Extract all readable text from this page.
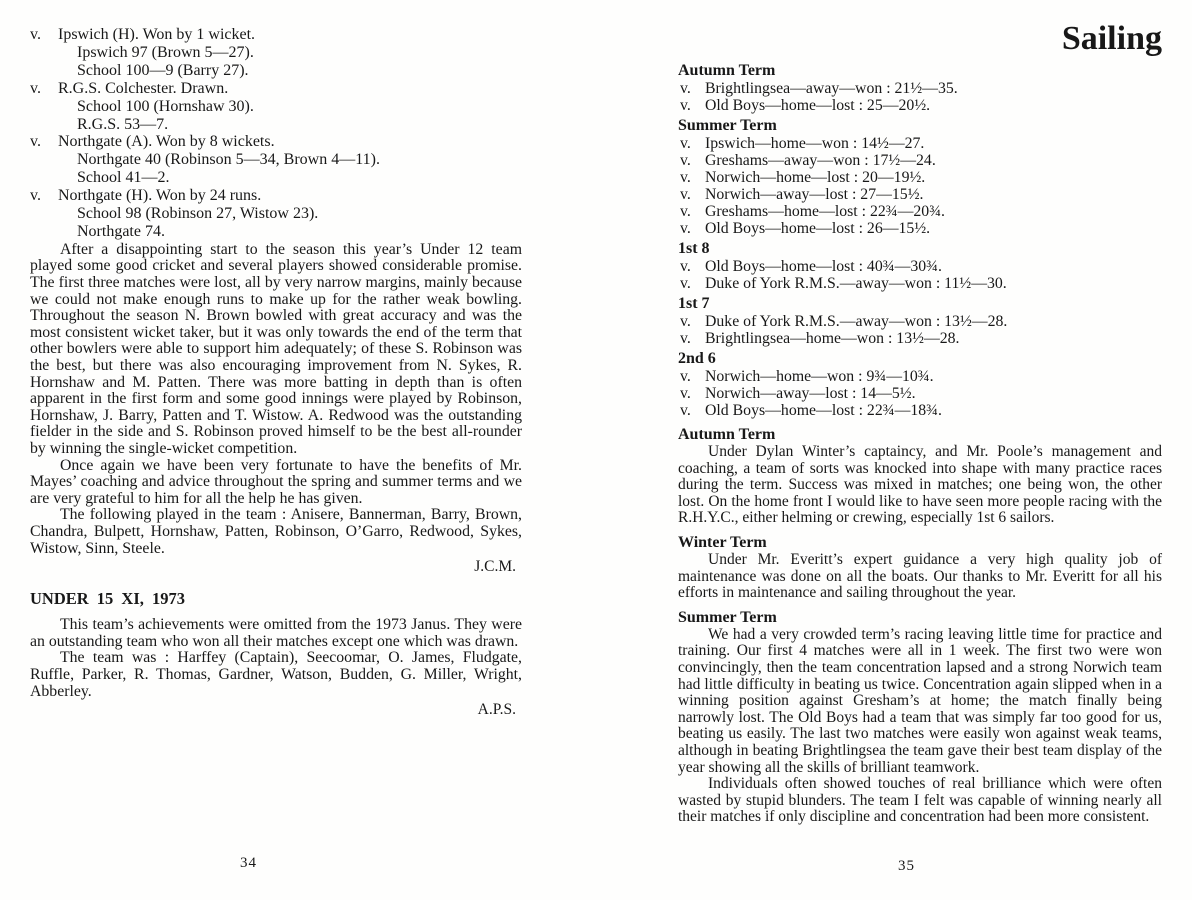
v. Ipswich (H). Won by 1 wicket.
Ipswich 97 (Brown 5—27).
School 100—9 (Barry 27).
v. R.G.S. Colchester. Drawn.
School 100 (Hornshaw 30).
R.G.S. 53—7.
v. Northgate (A). Won by 8 wickets.
Northgate 40 (Robinson 5—34, Brown 4—11).
School 41—2.
v. Northgate (H). Won by 24 runs.
School 98 (Robinson 27, Wistow 23).
Northgate 74.

After a disappointing start to the season this year’s Under 12 team played some good cricket and several players showed considerable promise. The first three matches were lost, all by very narrow margins, mainly because we could not make enough runs to make up for the rather weak bowling. Throughout the season N. Brown bowled with great accuracy and was the most consistent wicket taker, but it was only towards the end of the term that other bowlers were able to support him adequately; of these S. Robinson was the best, but there was also encouraging improvement from N. Sykes, R. Hornshaw and M. Patten. There was more batting in depth than is often apparent in the first form and some good innings were played by Robinson, Hornshaw, J. Barry, Patten and T. Wistow. A. Redwood was the outstanding fielder in the side and S. Robinson proved himself to be the best all-rounder by winning the single-wicket competition.

Once again we have been very fortunate to have the benefits of Mr. Mayes’ coaching and advice throughout the spring and summer terms and we are very grateful to him for all the help he has given.

The following played in the team : Anisere, Bannerman, Barry, Brown, Chandra, Bulpett, Hornshaw, Patten, Robinson, O’Garro, Redwood, Sykes, Wistow, Sinn, Steele.

J.C.M.
UNDER 15 XI, 1973

This team’s achievements were omitted from the 1973 Janus. They were an outstanding team who won all their matches except one which was drawn.

The team was : Harffey (Captain), Seecoomar, O. James, Fludgate, Ruffle, Parker, R. Thomas, Gardner, Watson, Budden, G. Miller, Wright, Abberley.

A.P.S.
Sailing
Autumn Term
v. Brightlingsea—away—won : 21½—35.
v. Old Boys—home—lost : 25—20½.
Summer Term
v. Ipswich—home—won : 14½—27.
v. Greshams—away—won : 17½—24.
v. Norwich—home—lost : 20—19½.
v. Norwich—away—lost : 27—15½.
v. Greshams—home—lost : 22¾—20¾.
v. Old Boys—home—lost : 26—15½.
1st 8
v. Old Boys—home—lost : 40¾—30¾.
v. Duke of York R.M.S.—away—won : 11½—30.
1st 7
v. Duke of York R.M.S.—away—won : 13½—28.
v. Brightlingsea—home—won : 13½—28.
2nd 6
v. Norwich—home—won : 9¾—10¾.
v. Norwich—away—lost : 14—5½.
v. Old Boys—home—lost : 22¾—18¾.
Autumn Term

Under Dylan Winter’s captaincy, and Mr. Poole’s management and coaching, a team of sorts was knocked into shape with many practice races during the term. Success was mixed in matches; one being won, the other lost. On the home front I would like to have seen more people racing with the R.H.Y.C., either helming or crewing, especially 1st 6 sailors.

Winter Term

Under Mr. Everitt’s expert guidance a very high quality job of maintenance was done on all the boats. Our thanks to Mr. Everitt for all his efforts in maintenance and sailing throughout the year.

Summer Term

We had a very crowded term’s racing leaving little time for practice and training. Our first 4 matches were all in 1 week. The first two were won convincingly, then the team concentration lapsed and a strong Norwich team had little difficulty in beating us twice. Concentration again slipped when in a winning position against Gresham’s at home; the match finally being narrowly lost. The Old Boys had a team that was simply far too good for us, beating us easily. The last two matches were easily won against weak teams, although in beating Brightlingsea the team gave their best team display of the year showing all the skills of brilliant teamwork.

Individuals often showed touches of real brilliance which were often wasted by stupid blunders. The team I felt was capable of winning nearly all their matches if only discipline and concentration had been more consistent.

34	35
